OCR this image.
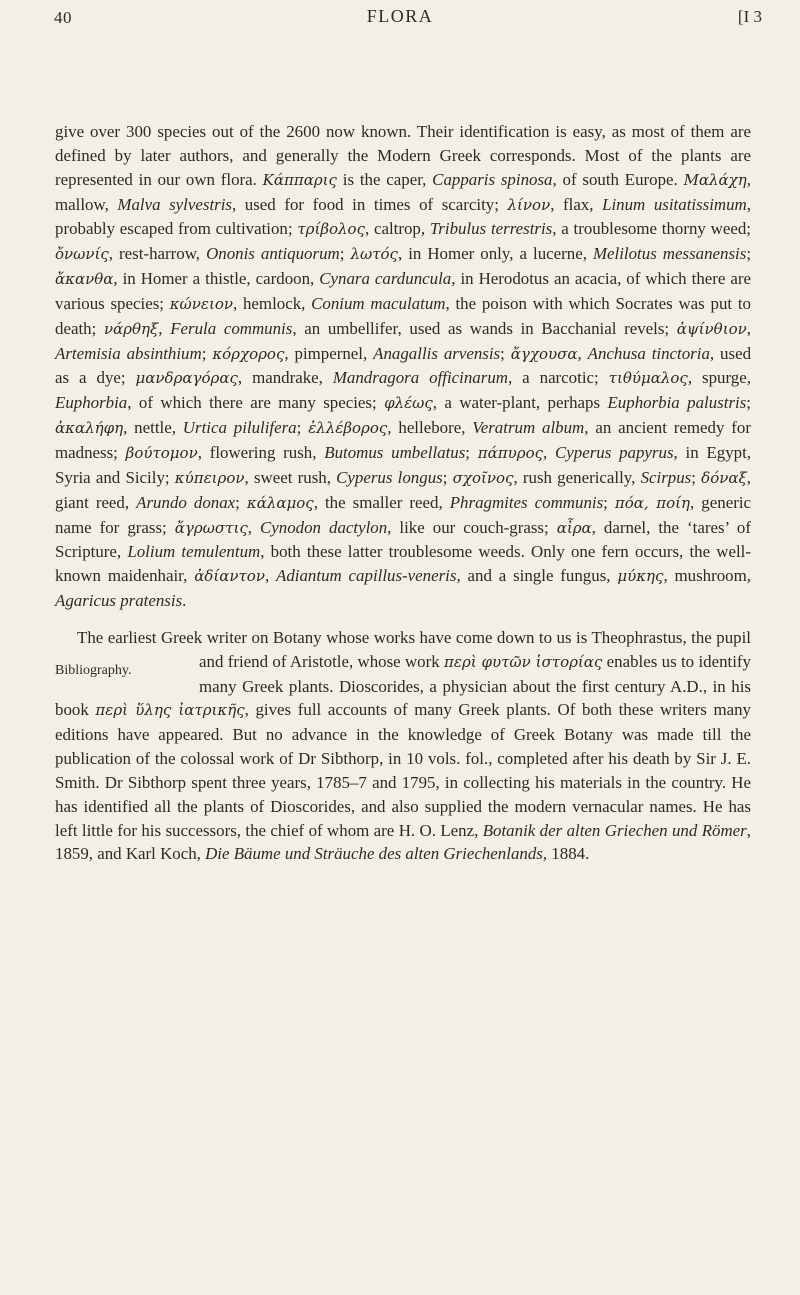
40	FLORA	[I 3

give over 300 species out of the 2600 now known. Their identification is easy, as most of them are defined by later authors, and generally the Modern Greek corresponds. Most of the plants are represented in our own flora. Κάππαρις is the caper, Capparis spinosa, of south Europe. Μαλάχη, mallow, Malva sylvestris, used for food in times of scarcity; λίνον, flax, Linum usitatissimum, probably escaped from cultivation; τρίβολος, caltrop, Tribulus terrestris, a troublesome thorny weed; ὄνωνίς, rest-harrow, Ononis antiquorum; λωτός, in Homer only, a lucerne, Melilotus messanensis; ἄκανθα, in Homer a thistle, cardoon, Cynara cardunculа, in Herodotus an acacia, of which there are various species; κώνειον, hemlock, Conium maculatum, the poison with which Socrates was put to death; νάρθηξ, Ferula communis, an umbellifer, used as wands in Bacchanial revels; ἀψίνθιον, Artemisia absinthium; κόρχορος, pimpernel, Anagallis arvensis; ἄγχουσα, Anchusa tinctoria, used as a dye; μανδραγόρας, mandrake, Mandragora officinarum, a narcotic; τιθύμαλος, spurge, Euphorbia, of which there are many species; φλέως, a water-plant, perhaps Euphorbia palustris; ἀκαλήφη, nettle, Urtica pilulifera; ἐλλέβορος, hellebore, Veratrum album, an ancient remedy for madness; βούτομον, flowering rush, Butomus umbellatus; πάπυρος, Cyperus papyrus, in Egypt, Syria and Sicily; κύπειρον, sweet rush, Cyperus longus; σχοῖνος, rush generically, Scirpus; δόναξ, giant reed, Arundo donax; κάλαμος, the smaller reed, Phragmites communis; πόα, ποίη, generic name for grass; ἄγρωστις, Cynodon dactylon, like our couch-grass; αἶρα, darnel, the ‘tares’ of Scripture, Lolium temulentum, both these latter troublesome weeds. Only one fern occurs, the well-known maidenhair, ἀδίαντον, Adiantum capillus-veneris, and a single fungus, μύκης, mushroom, Agaricus pratensis.

The earliest Greek writer on Botany whose works have come down to us is Theophrastus, the pupil and friend of Aristotle, whose work
Bibliography.	περὶ φυτῶν ἱστορίας enables us to identify many Greek plants. Dioscorides, a physician about the first century A.D., in his book περὶ ὕλης ἰατρικῆς, gives full accounts of many Greek plants. Of both these writers many editions have appeared. But no advance in the knowledge of Greek Botany was made till the publication of the colossal work of Dr Sibthorp, in 10 vols. fol., completed after his death by Sir J. E. Smith. Dr Sibthorp spent three years, 1785–7 and 1795, in collecting his materials in the country. He has identified all the plants of Dioscorides, and also supplied the modern vernacular names. He has left little for his successors, the chief of whom are H. O. Lenz, Botanik der alten Griechen und Römer, 1859, and Karl Koch, Die Bäume und Sträuche des alten Griechenlands, 1884.
